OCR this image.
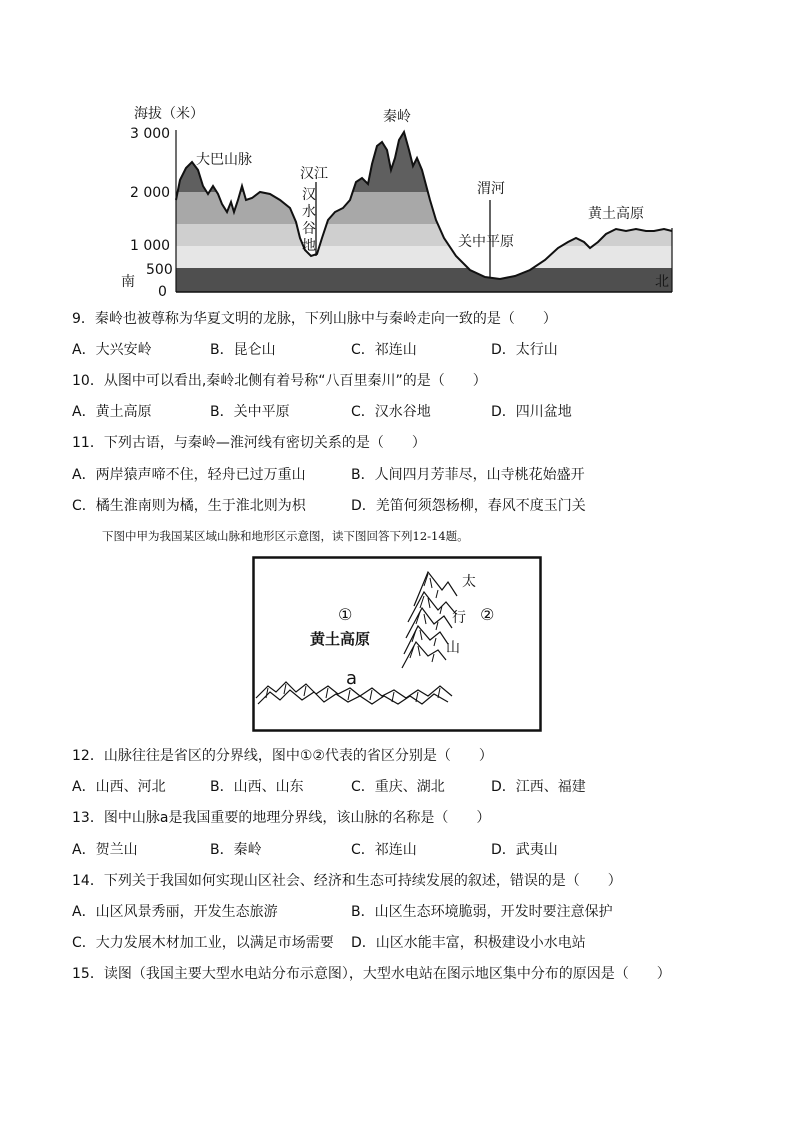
海拔（米）
3 000
2 000
1 000
500
0
南	北
大巴山脉
汉江
汉
水
谷
地
秦岭
渭河
关中平原
黄土高原
9．秦岭也被尊称为华夏文明的龙脉，下列山脉中与秦岭走向一致的是（　　）
A．大兴安岭	B．昆仑山	C．祁连山	D．太行山
10．从图中可以看出,秦岭北侧有着号称“八百里秦川”的是（　　）
A．黄土高原	B．关中平原	C．汉水谷地	D．四川盆地
11．下列古语，与秦岭—淮河线有密切关系的是（　　）
A．两岸猿声啼不住，轻舟已过万重山	B．人间四月芳菲尽，山寺桃花始盛开
C．橘生淮南则为橘，生于淮北则为枳	D．羌笛何须怨杨柳，春风不度玉门关
下图中甲为我国某区域山脉和地形区示意图，读下图回答下列12-14题。
①
黄土高原
②
太
行
山
a
12．山脉往往是省区的分界线，图中①②代表的省区分别是（　　）
A．山西、河北	B．山西、山东	C．重庆、湖北	D．江西、福建
13．图中山脉a是我国重要的地理分界线，该山脉的名称是（　　）
A．贺兰山	B．秦岭	C．祁连山	D．武夷山
14．下列关于我国如何实现山区社会、经济和生态可持续发展的叙述，错误的是（　　）
A．山区风景秀丽，开发生态旅游	B．山区生态环境脆弱，开发时要注意保护
C．大力发展木材加工业，以满足市场需要 D．山区水能丰富，积极建设小水电站
15．读图（我国主要大型水电站分布示意图），大型水电站在图示地区集中分布的原因是（　　）
